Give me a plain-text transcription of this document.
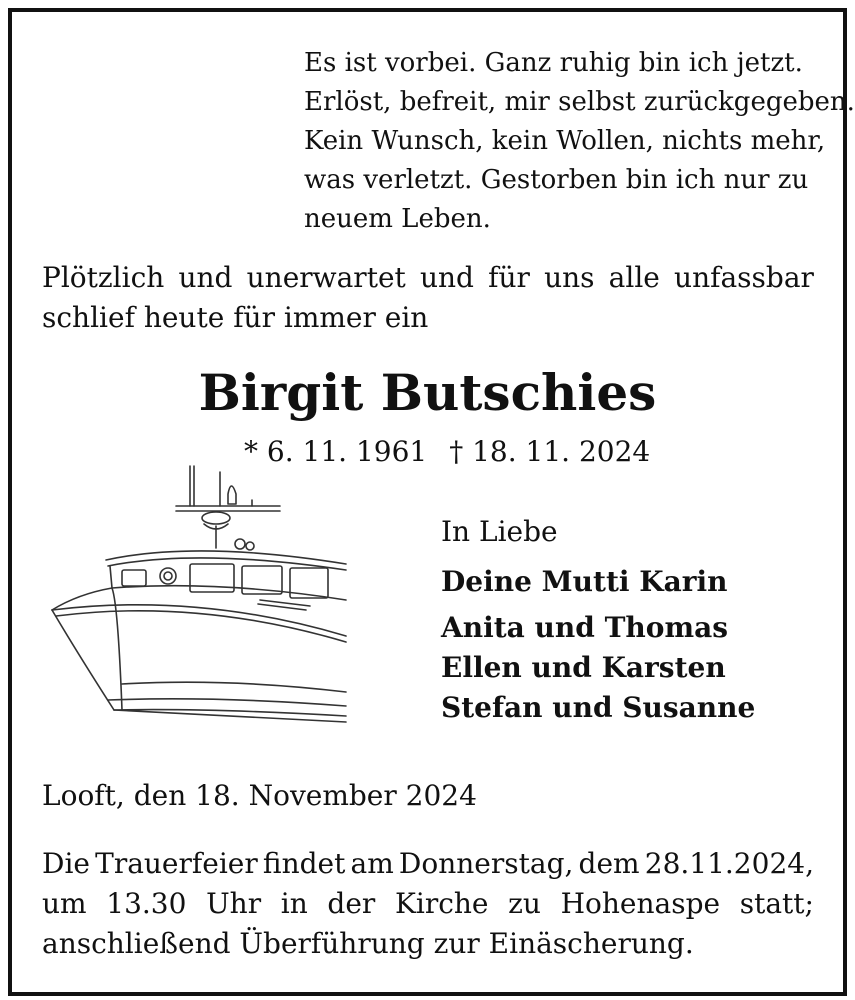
Es ist vorbei. Ganz ruhig bin ich jetzt.
Erlöst, befreit, mir selbst zurückgegeben.
Kein Wunsch, kein Wollen, nichts mehr,
was verletzt. Gestorben bin ich nur zu
neuem Leben.
Plötzlich und unerwartet und für uns alle unfassbar
schlief heute für immer ein
Birgit Butschies
* 6. 11. 1961 † 18. 11. 2024
In Liebe
Deine Mutti Karin
Anita und Thomas
Ellen und Karsten
Stefan und Susanne

Looft, den 18. November 2024

Die Trauerfeier findet am Donnerstag, dem 28.11.2024,
um 13.30 Uhr in der Kirche zu Hohenaspe statt;
anschließend Überführung zur Einäscherung.
